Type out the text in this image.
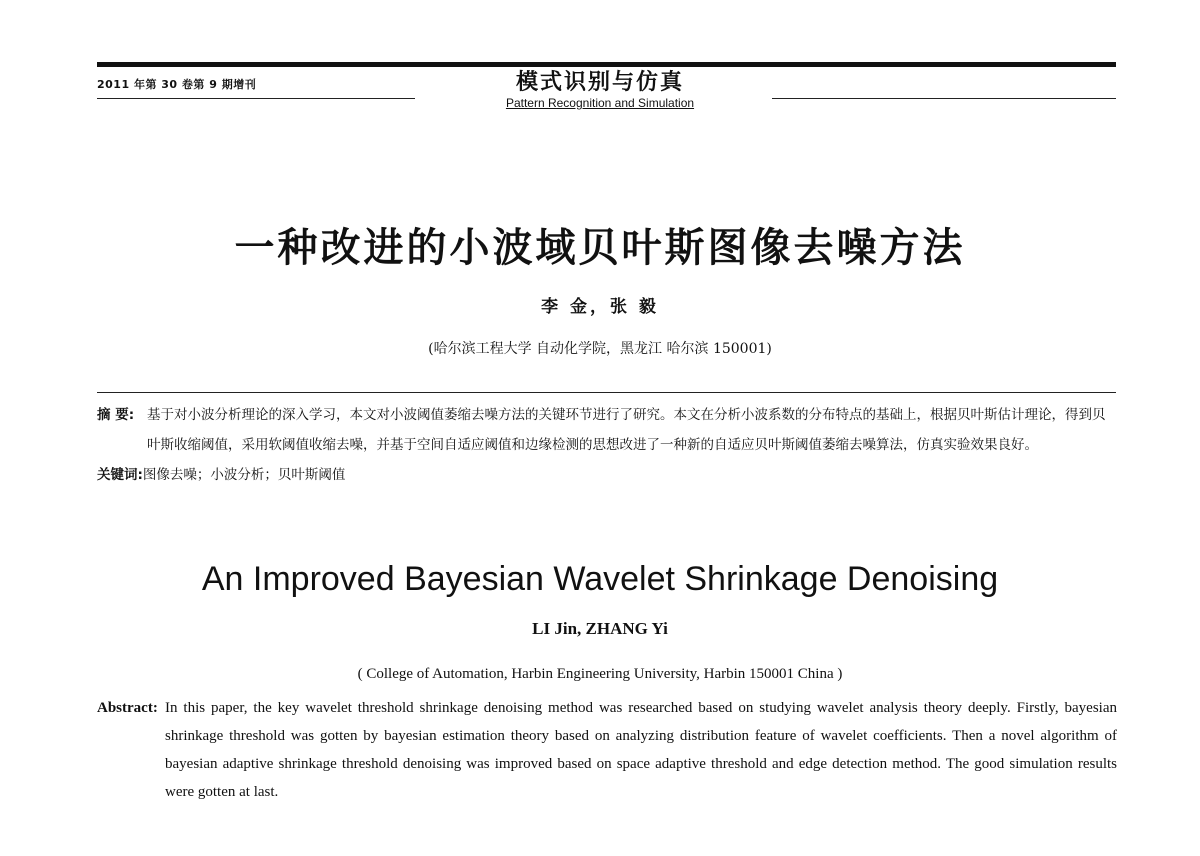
2011 年第 30 卷第 9 期增刊	模式识别与仿真
Pattern Recognition and Simulation
一种改进的小波域贝叶斯图像去噪方法
李 金，张 毅
(哈尔滨工程大学 自动化学院，黑龙江 哈尔滨 150001)
摘 要: 基于对小波分析理论的深入学习，本文对小波阈值萎缩去噪方法的关键环节进行了研究。本文在分析小波系数的分布特点的基础上，根据贝叶斯估计理论，得到贝叶斯收缩阈值，采用软阈值收缩去噪，并基于空间自适应阈值和边缘检测的思想改进了一种新的自适应贝叶斯阈值萎缩去噪算法，仿真实验效果良好。
关键词:图像去噪；小波分析；贝叶斯阈值
An Improved Bayesian Wavelet Shrinkage Denoising
LI Jin, ZHANG Yi
( College of Automation, Harbin Engineering University, Harbin 150001 China )
Abstract: In this paper, the key wavelet threshold shrinkage denoising method was researched based on studying wavelet analysis theory deeply. Firstly, bayesian shrinkage threshold was gotten by bayesian estimation theory based on analyzing distribution feature of wavelet coefficients. Then a novel algorithm of bayesian adaptive shrinkage threshold denoising was improved based on space adaptive threshold and edge detection method. The good simulation results were gotten at last.
